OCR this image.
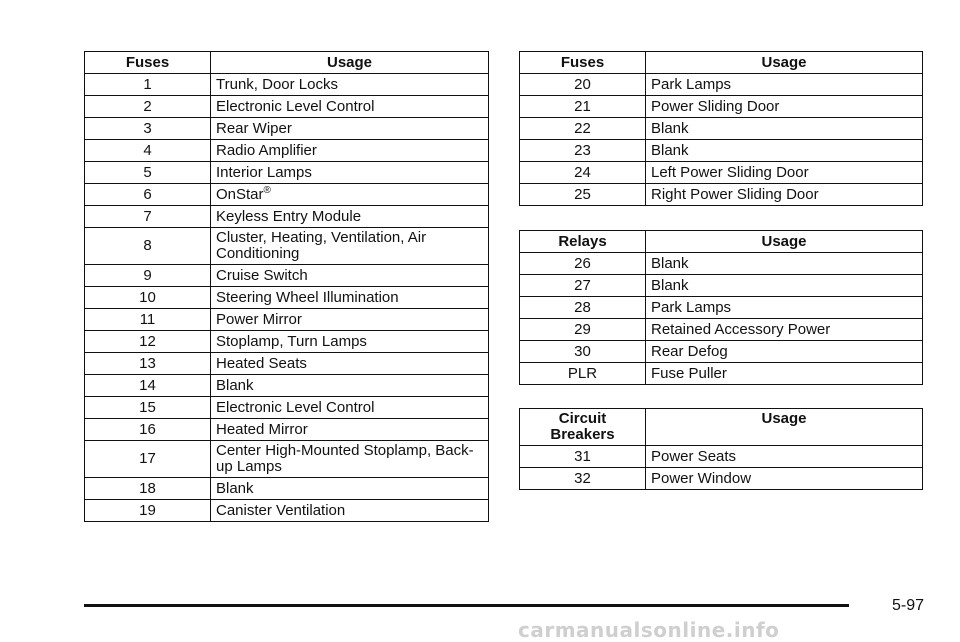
Fuses	Usage
1	Trunk, Door Locks
2	Electronic Level Control
3	Rear Wiper
4	Radio Amplifier
5	Interior Lamps
6	OnStar®
7	Keyless Entry Module
8	Cluster, Heating, Ventilation, Air Conditioning
9	Cruise Switch
10	Steering Wheel Illumination
11	Power Mirror
12	Stoplamp, Turn Lamps
13	Heated Seats
14	Blank
15	Electronic Level Control
16	Heated Mirror
17	Center High-Mounted Stoplamp, Back-up Lamps
18	Blank
19	Canister Ventilation
Fuses	Usage
20	Park Lamps
21	Power Sliding Door
22	Blank
23	Blank
24	Left Power Sliding Door
25	Right Power Sliding Door
Relays	Usage
26	Blank
27	Blank
28	Park Lamps
29	Retained Accessory Power
30	Rear Defog
PLR	Fuse Puller
Circuit Breakers	Usage
31	Power Seats
32	Power Window
5-97
carmanualsonline.info
